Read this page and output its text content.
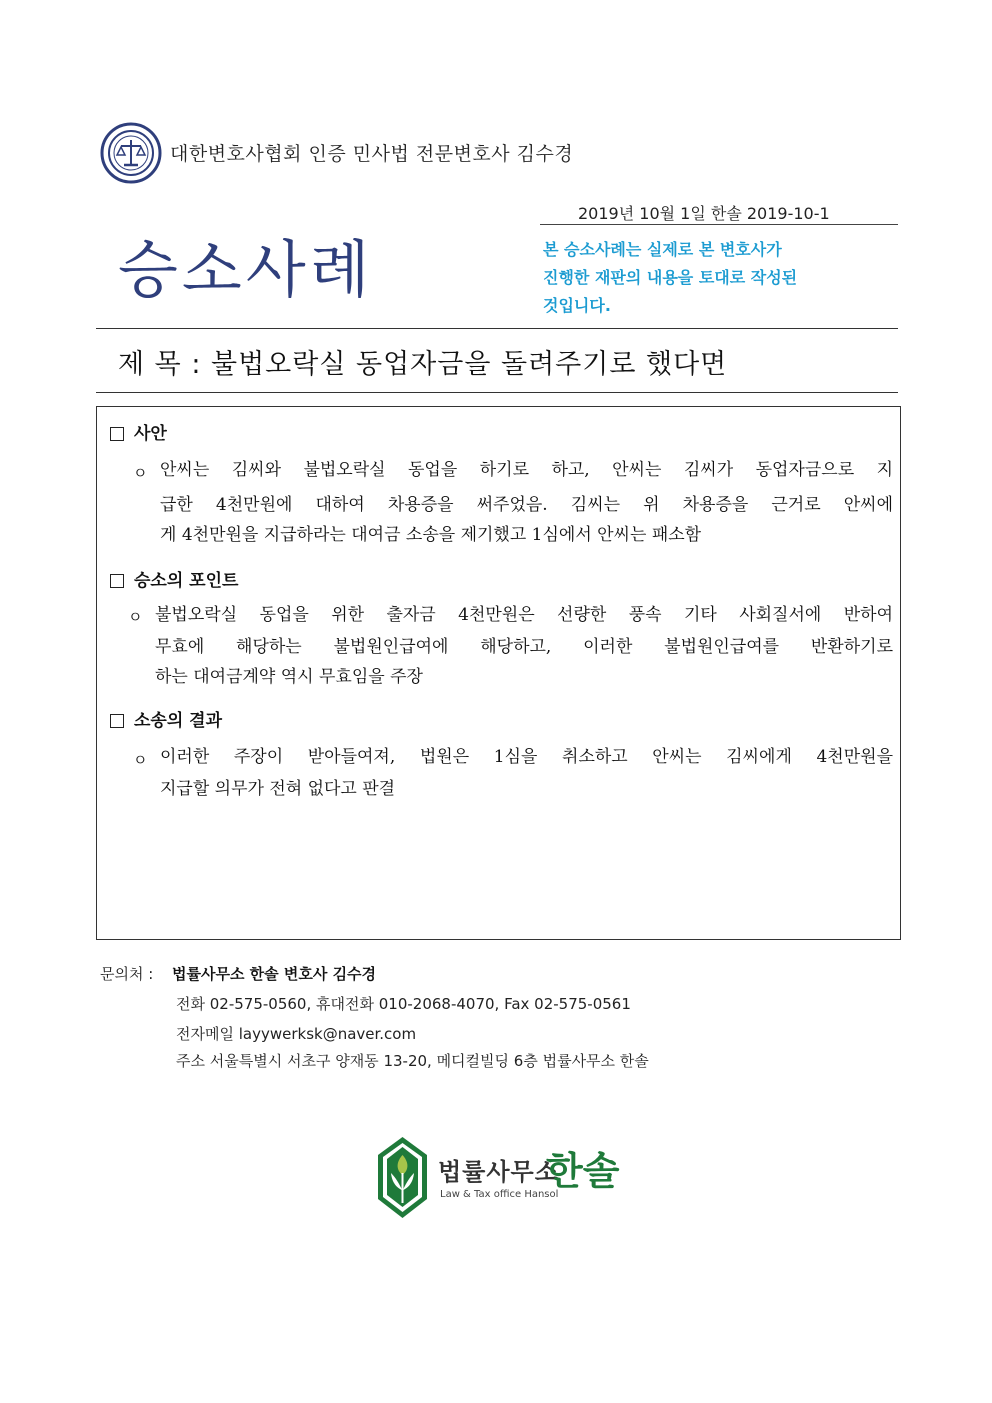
대한변호사협회 인증 민사법 전문변호사 김수경
2019년 10월 1일 한솔 2019-10-1
승소사례	본 승소사례는 실제로 본 변호사가
진행한 재판의 내용을 토대로 작성된
것입니다.
제 목 : 불법오락실 동업자금을 돌려주기로 했다면
사안
ㅇ 안씨는 김씨와 불법오락실 동업을 하기로 하고, 안씨는 김씨가 동업자금으로 지
급한 4천만원에 대하여 차용증을 써주었음. 김씨는 위 차용증을 근거로 안씨에
게 4천만원을 지급하라는 대여금 소송을 제기했고 1심에서 안씨는 패소함
승소의 포인트
ㅇ 불법오락실 동업을 위한 출자금 4천만원은 선량한 풍속 기타 사회질서에 반하여
무효에 해당하는 불법원인급여에 해당하고, 이러한 불법원인급여를 반환하기로
하는 대여금계약 역시 무효임을 주장
소송의 결과
ㅇ 이러한 주장이 받아들여져, 법원은 1심을 취소하고 안씨는 김씨에게 4천만원을
지급할 의무가 전혀 없다고 판결
문의처 : 법률사무소 한솔 변호사 김수경
전화 02-575-0560, 휴대전화 010-2068-4070, Fax 02-575-0561
전자메일 layywerksk@naver.com
주소 서울특별시 서초구 양재동 13-20, 메디컬빌딩 6층 법률사무소 한솔
법률사무소
한솔
Law & Tax office Hansol
